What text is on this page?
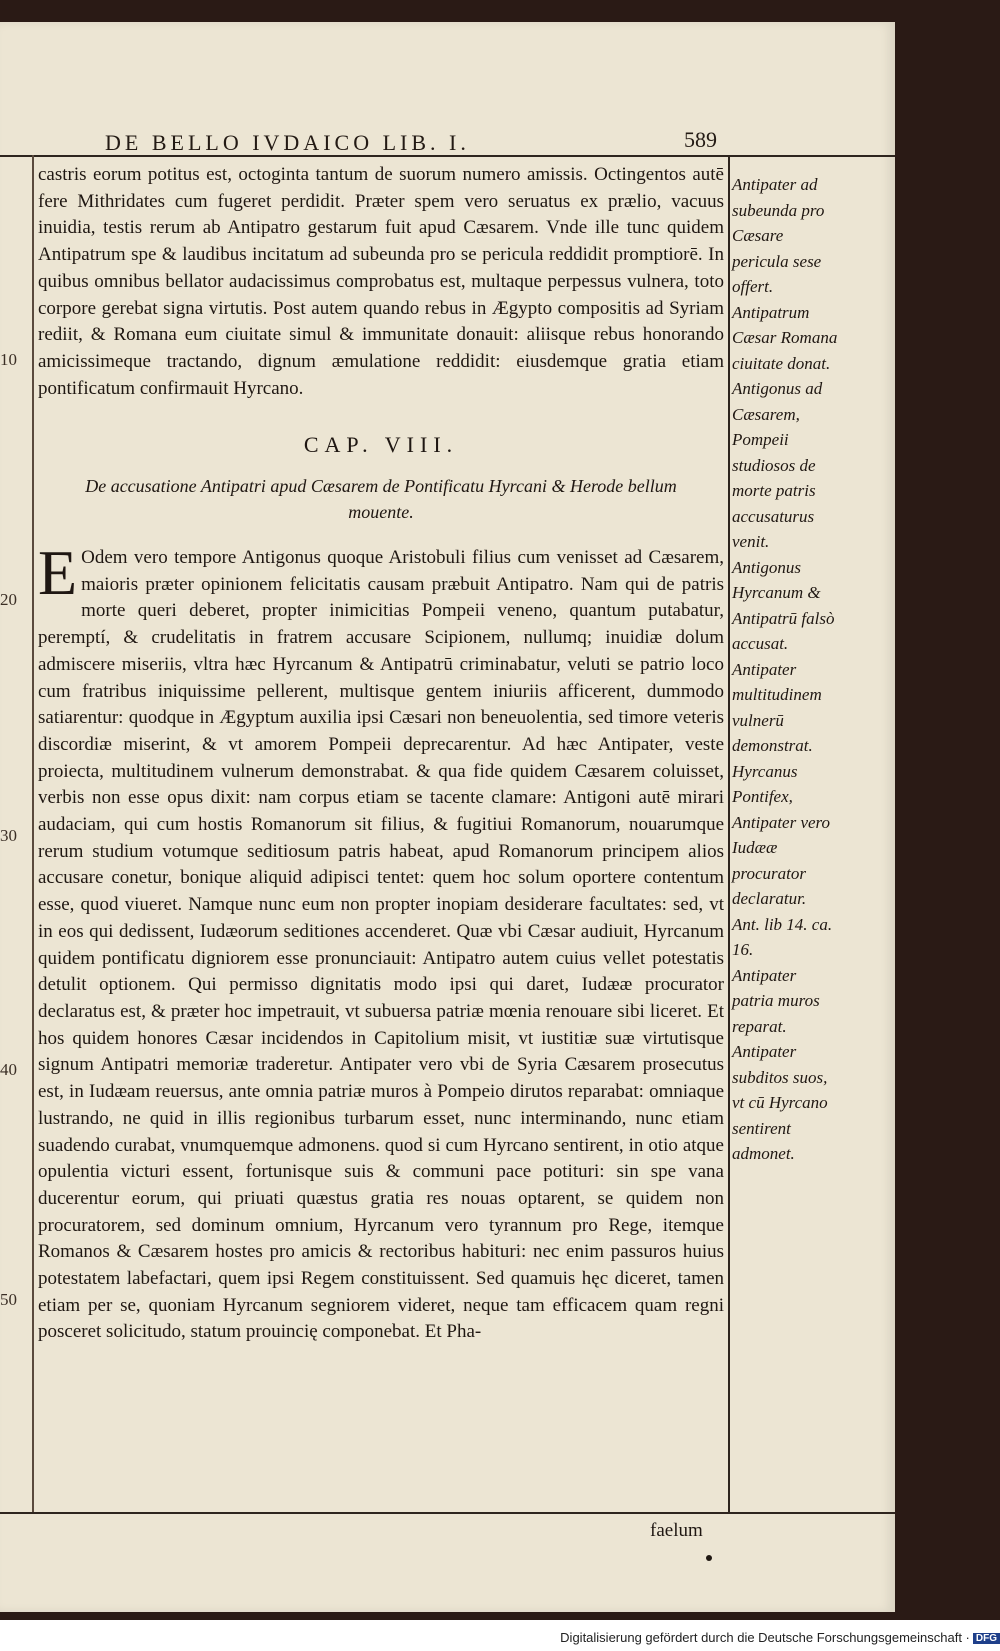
10
20
30
40
50
DE BELLO IVDAICO LIB. I.	589

castris eorum potitus est, octoginta tantum de suorum numero amissis. Octingentos autē fere Mithridates cum fugeret perdidit. Præter spem vero seruatus ex prælio, vacuus inuidia, testis rerum ab Antipatro gestarum fuit apud Cæsarem. Vnde ille tunc quidem Antipatrum spe & laudibus incitatum ad subeunda pro se pericula reddidit promptiorē. In quibus omnibus bellator audacissimus comprobatus est, multaque perpessus vulnera, toto corpore gerebat signa virtutis. Post autem quando rebus in Ægypto compositis ad Syriam rediit, & Romana eum ciuitate simul & immunitate donauit: aliisque rebus honorando amicissimeque tractando, dignum æmulatione reddidit: eiusdemque gratia etiam pontificatum confirmauit Hyrcano.

CAP. VIII.
De accusatione Antipatri apud Cæsarem de Pontificatu Hyrcani & Herode bellum mouente.

E Odem vero tempore Antigonus quoque Aristobuli filius cum venisset ad Cæsarem, maioris præter opinionem felicitatis causam præbuit Antipatro. Nam qui de patris morte queri deberet, propter inimicitias Pompeii veneno, quantum putabatur, peremptí, & crudelitatis in fratrem accusare Scipionem, nullumq; inuidiæ dolum admiscere miseriis, vltra hæc Hyrcanum & Antipatrū criminabatur, veluti se patrio loco cum fratribus iniquissime pellerent, multisque gentem iniuriis afficerent, dummodo satiarentur: quodque in Ægyptum auxilia ipsi Cæsari non beneuolentia, sed timore veteris discordiæ miserint, & vt amorem Pompeii deprecarentur. Ad hæc Antipater, veste proiecta, multitudinem vulnerum demonstrabat. & qua fide quidem Cæsarem coluisset, verbis non esse opus dixit: nam corpus etiam se tacente clamare: Antigoni autē mirari audaciam, qui cum hostis Romanorum sit filius, & fugitiui Romanorum, nouarumque rerum studium votumque seditiosum patris habeat, apud Romanorum principem alios accusare conetur, bonique aliquid adipisci tentet: quem hoc solum oportere contentum esse, quod viueret. Namque nunc eum non propter inopiam desiderare facultates: sed, vt in eos qui dedissent, Iudæorum seditiones accenderet. Quæ vbi Cæsar audiuit, Hyrcanum quidem pontificatu digniorem esse pronunciauit: Antipatro autem cuius vellet potestatis detulit optionem. Qui permisso dignitatis modo ipsi qui daret, Iudææ procurator declaratus est, & præter hoc impetrauit, vt subuersa patriæ mœnia renouare sibi liceret. Et hos quidem honores Cæsar incidendos in Capitolium misit, vt iustitiæ suæ virtutisque signum Antipatri memoriæ traderetur. Antipater vero vbi de Syria Cæsarem prosecutus est, in Iudæam reuersus, ante omnia patriæ muros à Pompeio dirutos reparabat: omniaque lustrando, ne quid in illis regionibus turbarum esset, nunc interminando, nunc etiam suadendo curabat, vnumquemque admonens. quod si cum Hyrcano sentirent, in otio atque opulentia victuri essent, fortunisque suis & communi pace potituri: sin spe vana ducerentur eorum, qui priuati quæstus gratia res nouas optarent, se quidem non procuratorem, sed dominum omnium, Hyrcanum vero tyrannum pro Rege, itemque Romanos & Cæsarem hostes pro amicis & rectoribus habituri: nec enim passuros huius potestatem labefactari, quem ipsi Regem constituissent. Sed quamuis hęc diceret, tamen etiam per se, quoniam Hyrcanum segniorem videret, neque tam efficacem quam regni posceret solicitudo, statum prouincię componebat. Et Pha-

Antipater ad subeunda pro Cæsare pericula sese offert.

Antipatrum Cæsar Romana ciuitate donat.

Antigonus ad Cæsarem, Pompeii studiosos de morte patris accusaturus venit.

Antigonus Hyrcanum & Antipatrū falsò accusat.

Antipater multitudinem vulnerū demonstrat.

Hyrcanus Pontifex, Antipater vero Iudææ procurator declaratur.

Ant. lib 14. ca. 16.

Antipater patria muros reparat.

Antipater subditos suos, vt cū Hyrcano sentirent admonet.

faelum
Digitalisierung gefördert durch die Deutsche Forschungsgemeinschaft · DFG
